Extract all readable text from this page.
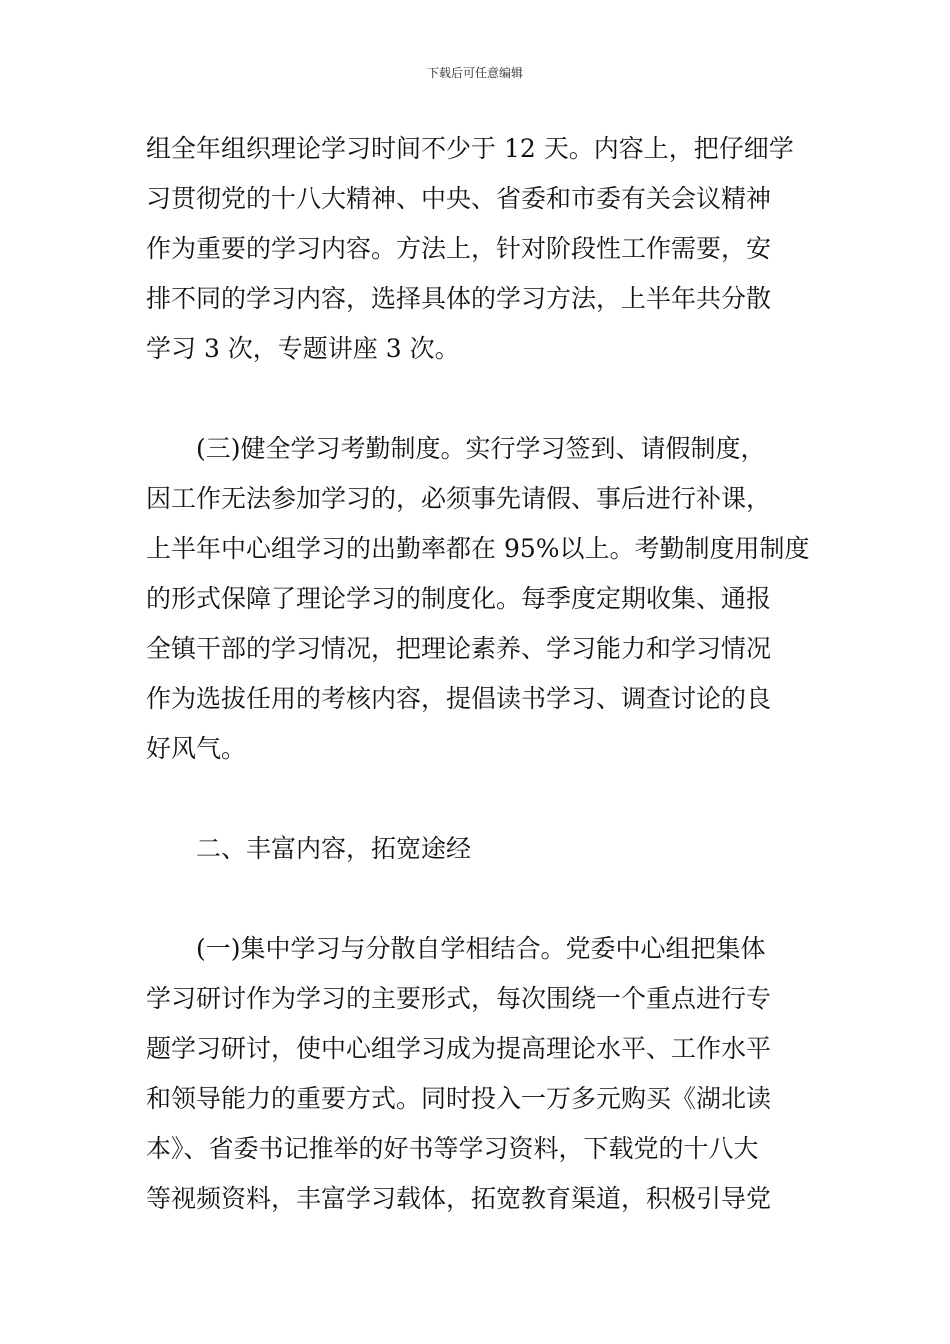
下载后可任意编辑
组全年组织理论学习时间不少于 12 天。内容上，把仔细学
习贯彻党的十八大精神、中央、省委和市委有关会议精神
作为重要的学习内容。方法上，针对阶段性工作需要，安
排不同的学习内容，选择具体的学习方法，上半年共分散
学习 3 次，专题讲座 3 次。
　　(三)健全学习考勤制度。实行学习签到、请假制度，
因工作无法参加学习的，必须事先请假、事后进行补课，
上半年中心组学习的出勤率都在 95%以上。考勤制度用制度
的形式保障了理论学习的制度化。每季度定期收集、通报
全镇干部的学习情况，把理论素养、学习能力和学习情况
作为选拔任用的考核内容，提倡读书学习、调查讨论的良
好风气。
　　二、丰富内容，拓宽途经
　　(一)集中学习与分散自学相结合。党委中心组把集体
学习研讨作为学习的主要形式，每次围绕一个重点进行专
题学习研讨，使中心组学习成为提高理论水平、工作水平
和领导能力的重要方式。同时投入一万多元购买《湖北读
本》、省委书记推举的好书等学习资料，下载党的十八大
等视频资料，丰富学习载体，拓宽教育渠道，积极引导党
